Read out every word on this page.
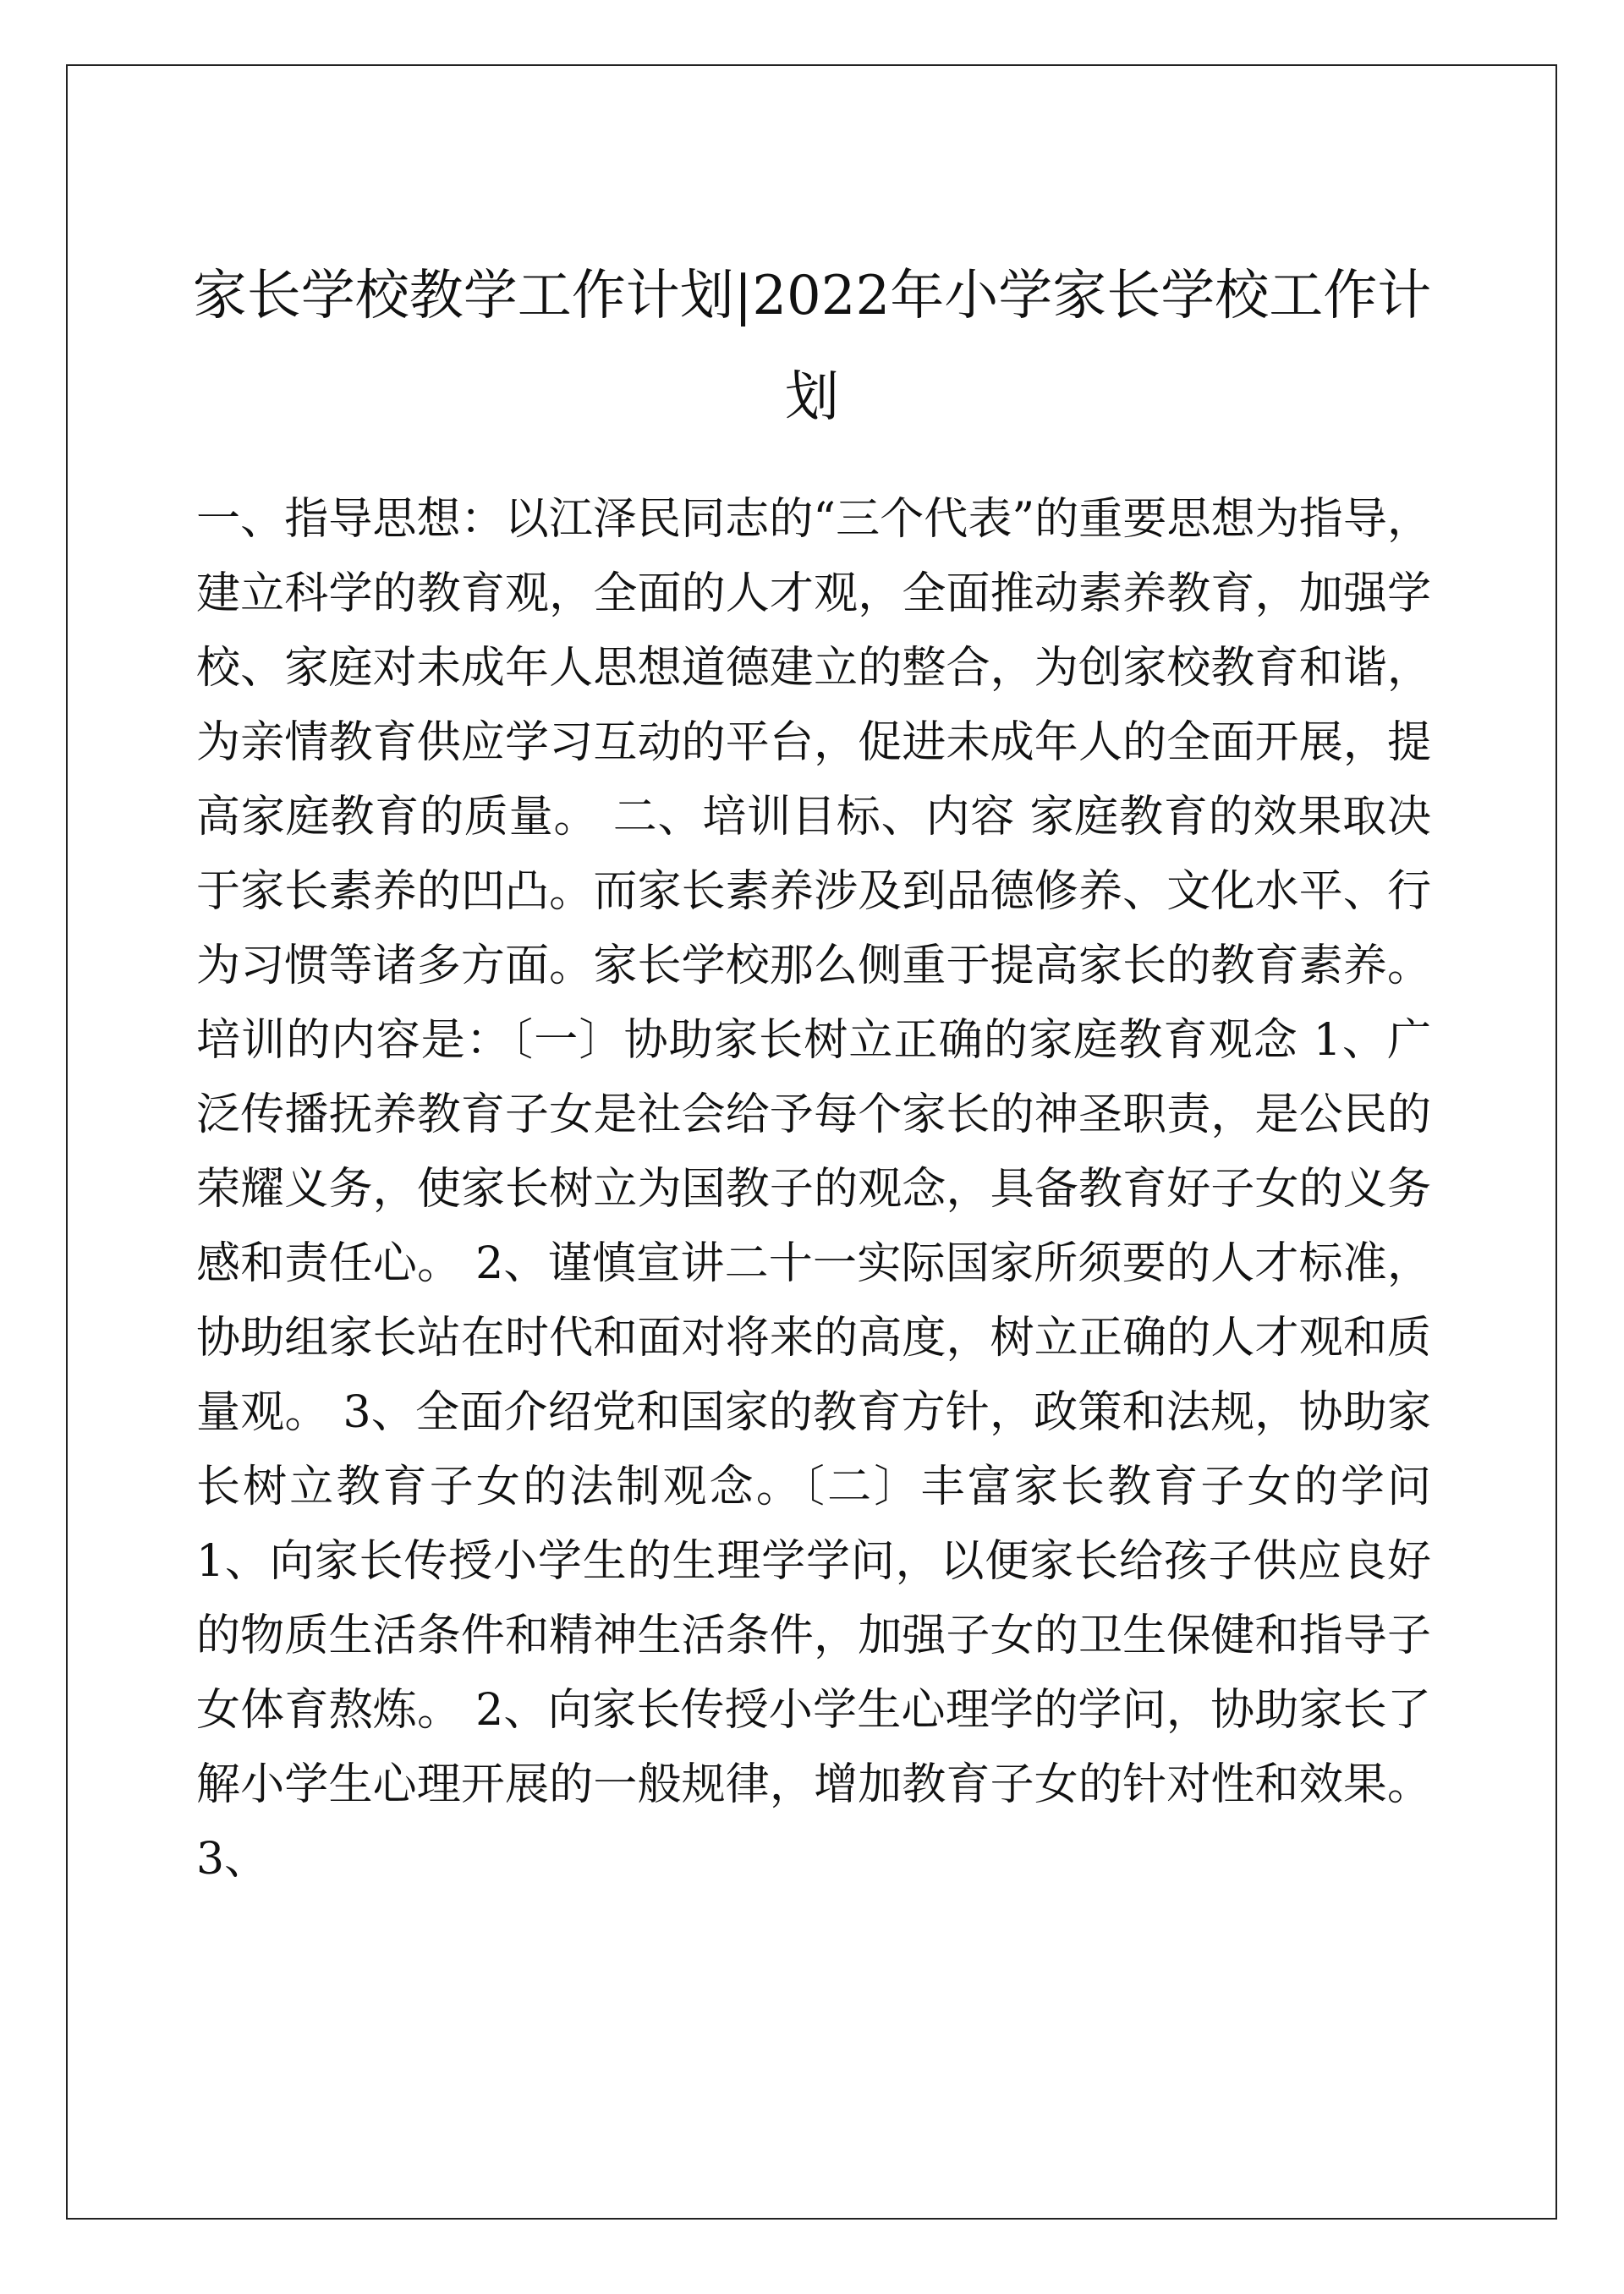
家长学校教学工作计划|2022年小学家长学校工作计划

一、指导思想：以江泽民同志的“三个代表”的重要思想为指导，建立科学的教育观，全面的人才观，全面推动素养教育，加强学校、家庭对未成年人思想道德建立的整合，为创家校教育和谐，为亲情教育供应学习互动的平台，促进未成年人的全面开展，提高家庭教育的质量。 二、培训目标、内容 家庭教育的效果取决于家长素养的凹凸。而家长素养涉及到品德修养、文化水平、行为习惯等诸多方面。家长学校那么侧重于提高家长的教育素养。培训的内容是：〔一〕协助家长树立正确的家庭教育观念 1、广泛传播抚养教育子女是社会给予每个家长的神圣职责，是公民的荣耀义务，使家长树立为国教子的观念，具备教育好子女的义务感和责任心。 2、谨慎宣讲二十一实际国家所须要的人才标准，协助组家长站在时代和面对将来的高度，树立正确的人才观和质量观。 3、全面介绍党和国家的教育方针，政策和法规，协助家长树立教育子女的法制观念。〔二〕丰富家长教育子女的学问 1、向家长传授小学生的生理学学问，以便家长给孩子供应良好的物质生活条件和精神生活条件，加强子女的卫生保健和指导子女体育熬炼。 2、向家长传授小学生心理学的学问，协助家长了解小学生心理开展的一般规律，增加教育子女的针对性和效果。 3、
